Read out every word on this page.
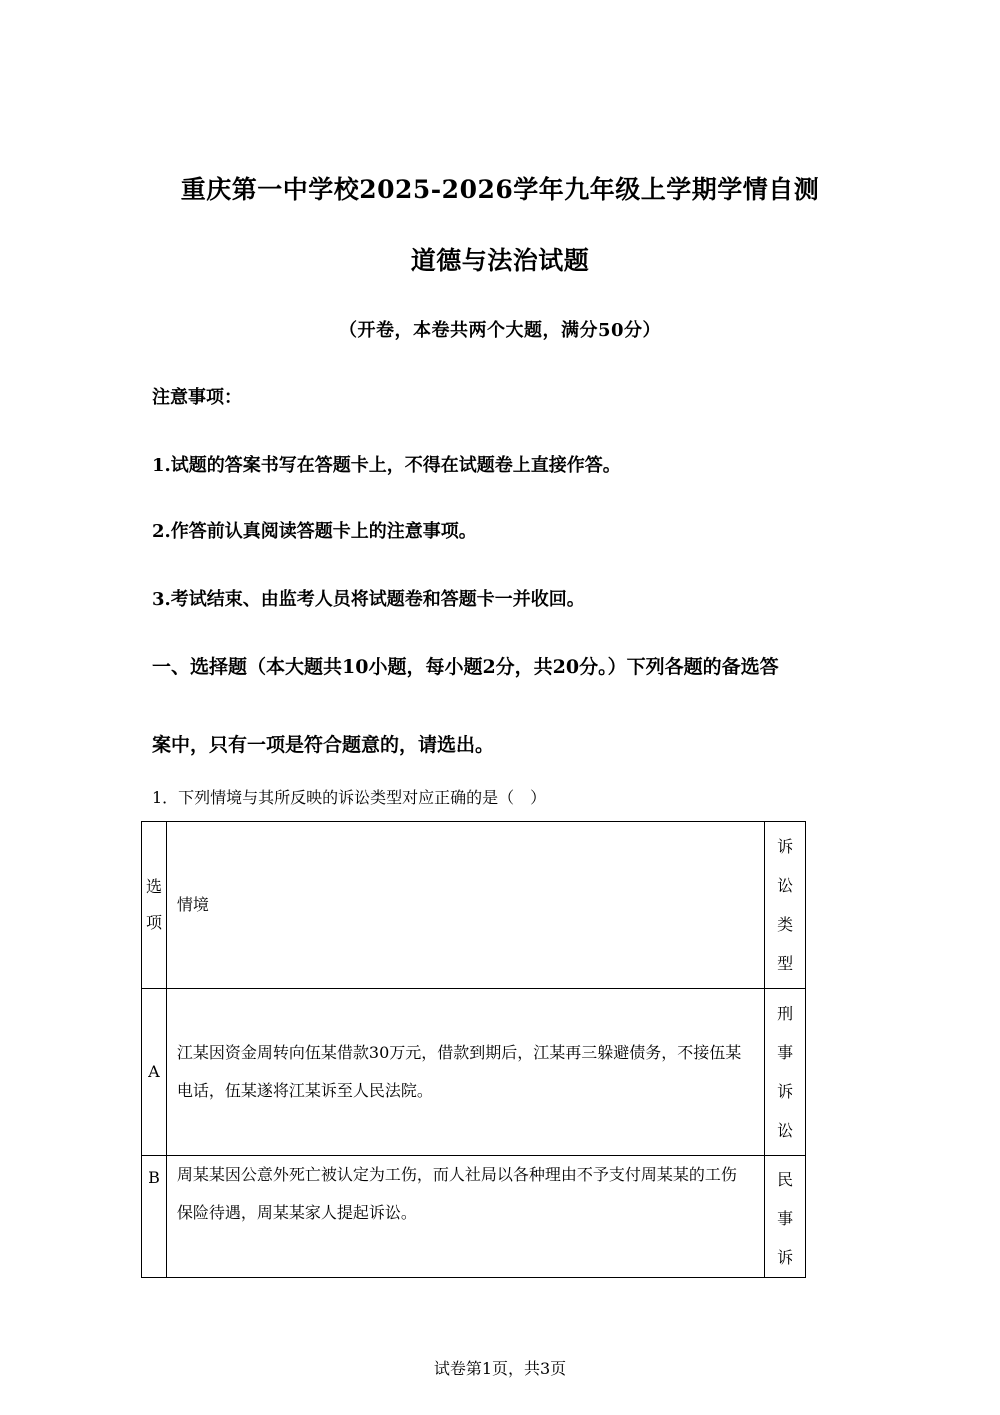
重庆第一中学校2025-2026学年九年级上学期学情自测
道德与法治试题
（开卷，本卷共两个大题，满分50分）
注意事项：
1.试题的答案书写在答题卡上，不得在试题卷上直接作答。
2.作答前认真阅读答题卡上的注意事项。
3.考试结束、由监考人员将试题卷和答题卡一并收回。
一、选择题（本大题共10小题，每小题2分，共20分。）下列各题的备选答
案中，只有一项是符合题意的，请选出。
1．下列情境与其所反映的诉讼类型对应正确的是（　）
选
项	情境	诉
讼
类
型

A	江某因资金周转向伍某借款30万元，借款到期后，江某再三躲避债务，不接伍某电话，伍某遂将江某诉至人民法院。	刑
事
诉
讼

B	周某某因公意外死亡被认定为工伤，而人社局以各种理由不予支付周某某的工伤保险待遇，周某某家人提起诉讼。	民
事
诉
试卷第1页，共3页
